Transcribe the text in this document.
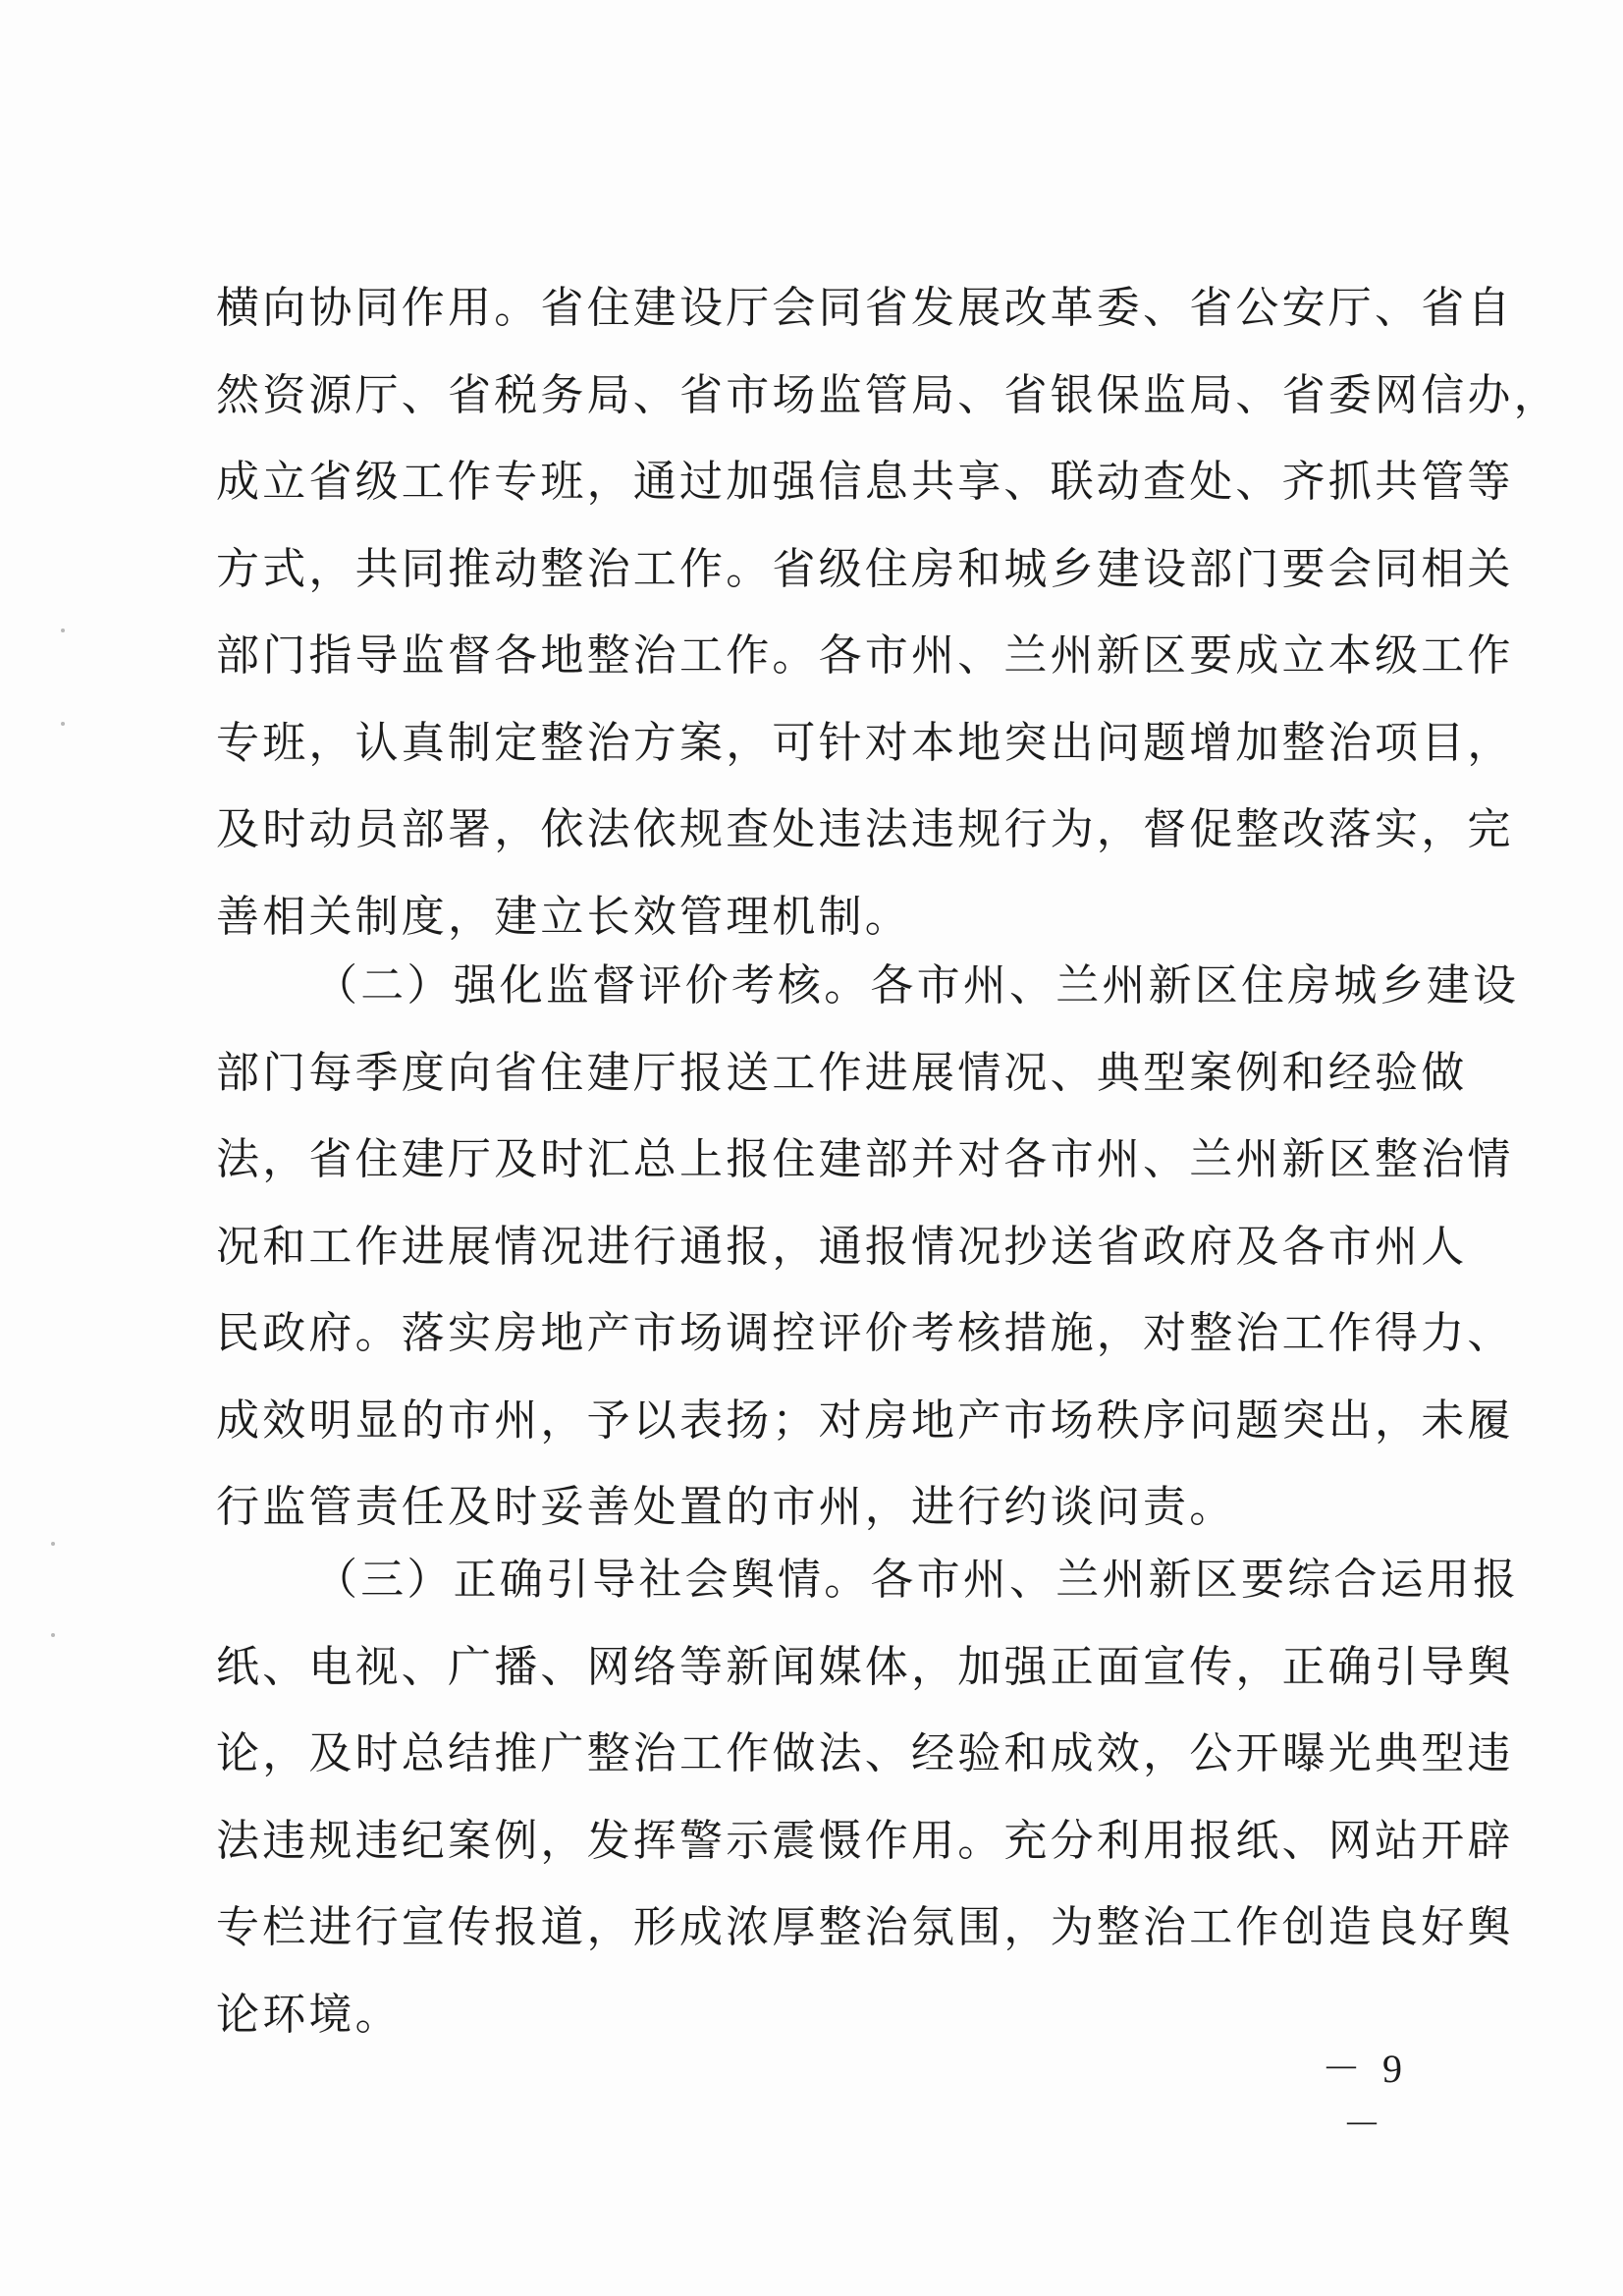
横向协同作用。省住建设厅会同省发展改革委、省公安厅、省自
然资源厅、省税务局、省市场监管局、省银保监局、省委网信办，
成立省级工作专班，通过加强信息共享、联动查处、齐抓共管等
方式，共同推动整治工作。省级住房和城乡建设部门要会同相关
部门指导监督各地整治工作。各市州、兰州新区要成立本级工作
专班，认真制定整治方案，可针对本地突出问题增加整治项目，
及时动员部署，依法依规查处违法违规行为，督促整改落实，完
善相关制度，建立长效管理机制。
（二）强化监督评价考核。各市州、兰州新区住房城乡建设
部门每季度向省住建厅报送工作进展情况、典型案例和经验做
法，省住建厅及时汇总上报住建部并对各市州、兰州新区整治情
况和工作进展情况进行通报，通报情况抄送省政府及各市州人
民政府。落实房地产市场调控评价考核措施，对整治工作得力、
成效明显的市州，予以表扬；对房地产市场秩序问题突出，未履
行监管责任及时妥善处置的市州，进行约谈问责。
（三）正确引导社会舆情。各市州、兰州新区要综合运用报
纸、电视、广播、网络等新闻媒体，加强正面宣传，正确引导舆
论，及时总结推广整治工作做法、经验和成效，公开曝光典型违
法违规违纪案例，发挥警示震慑作用。充分利用报纸、网站开辟
专栏进行宣传报道，形成浓厚整治氛围，为整治工作创造良好舆
论环境。
－ 9 －
